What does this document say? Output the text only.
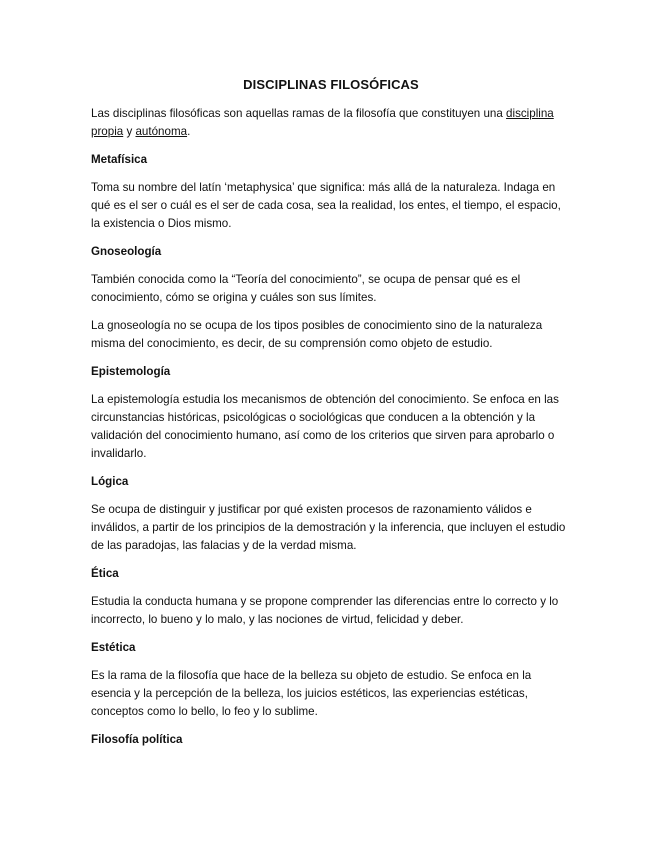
DISCIPLINAS FILOSÓFICAS

Las disciplinas filosóficas son aquellas ramas de la filosofía que constituyen una disciplina propia y autónoma.

Metafísica

Toma su nombre del latín ‘metaphysica’ que significa: más allá de la naturaleza. Indaga en qué es el ser o cuál es el ser de cada cosa, sea la realidad, los entes, el tiempo, el espacio, la existencia o Dios mismo.

Gnoseología

También conocida como la “Teoría del conocimiento”, se ocupa de pensar qué es el conocimiento, cómo se origina y cuáles son sus límites.

La gnoseología no se ocupa de los tipos posibles de conocimiento sino de la naturaleza misma del conocimiento, es decir, de su comprensión como objeto de estudio.

Epistemología

La epistemología estudia los mecanismos de obtención del conocimiento. Se enfoca en las circunstancias históricas, psicológicas o sociológicas que conducen a la obtención y la validación del conocimiento humano, así como de los criterios que sirven para aprobarlo o invalidarlo.

Lógica

Se ocupa de distinguir y justificar por qué existen procesos de razonamiento válidos e inválidos, a partir de los principios de la demostración y la inferencia, que incluyen el estudio de las paradojas, las falacias y de la verdad misma.

Ética

Estudia la conducta humana y se propone comprender las diferencias entre lo correcto y lo incorrecto, lo bueno y lo malo, y las nociones de virtud, felicidad y deber.

Estética

Es la rama de la filosofía que hace de la belleza su objeto de estudio. Se enfoca en la esencia y la percepción de la belleza, los juicios estéticos, las experiencias estéticas, conceptos como lo bello, lo feo y lo sublime.

Filosofía política
